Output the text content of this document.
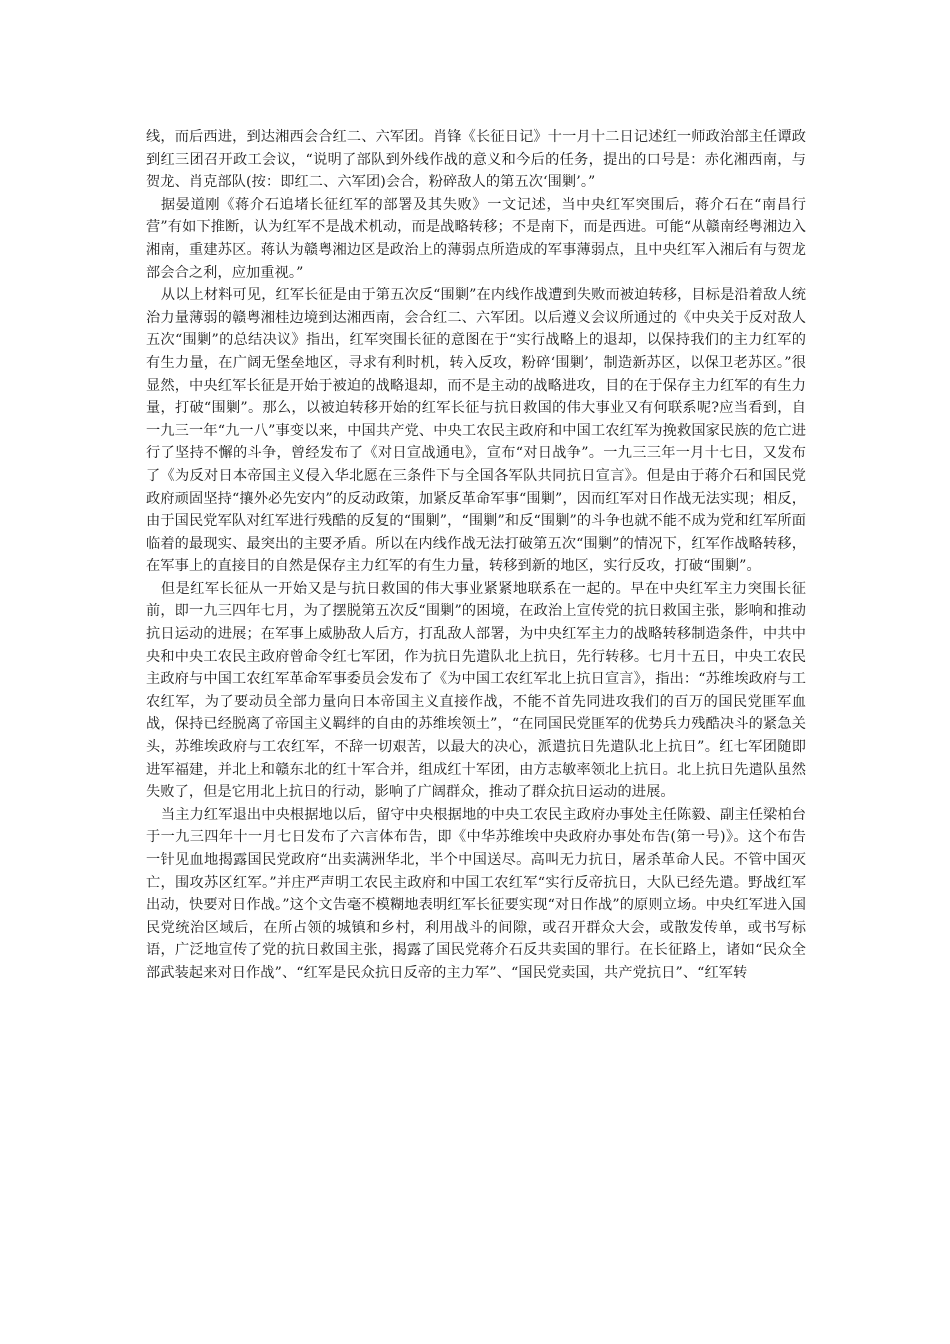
线，而后西进，到达湘西会合红二、六军团。肖锋《长征日记》十一月十二日记述红一师政治部主任谭政到红三团召开政工会议，“说明了部队到外线作战的意义和今后的任务，提出的口号是：赤化湘西南，与贺龙、肖克部队(按：即红二、六军团)会合，粉碎敌人的第五次‘围剿’。”

据晏道刚《蒋介石追堵长征红军的部署及其失败》一文记述，当中央红军突围后，蒋介石在“南昌行营”有如下推断，认为红军不是战术机动，而是战略转移；不是南下，而是西进。可能“从赣南经粤湘边入湘南，重建苏区。蒋认为赣粤湘边区是政治上的薄弱点所造成的军事薄弱点，且中央红军入湘后有与贺龙部会合之利，应加重视。”

从以上材料可见，红军长征是由于第五次反“围剿”在内线作战遭到失败而被迫转移，目标是沿着敌人统治力量薄弱的赣粤湘桂边境到达湘西南，会合红二、六军团。以后遵义会议所通过的《中央关于反对敌人五次“围剿”的总结决议》指出，红军突围长征的意图在于“实行战略上的退却，以保持我们的主力红军的有生力量，在广阔无堡垒地区，寻求有利时机，转入反攻，粉碎‘围剿’，制造新苏区，以保卫老苏区。”很显然，中央红军长征是开始于被迫的战略退却，而不是主动的战略进攻，目的在于保存主力红军的有生力量，打破“围剿”。那么，以被迫转移开始的红军长征与抗日救国的伟大事业又有何联系呢?应当看到，自一九三一年“九一八”事变以来，中国共产党、中央工农民主政府和中国工农红军为挽救国家民族的危亡进行了坚持不懈的斗争，曾经发布了《对日宣战通电》，宣布“对日战争”。一九三三年一月十七日，又发布了《为反对日本帝国主义侵入华北愿在三条件下与全国各军队共同抗日宣言》。但是由于蒋介石和国民党政府顽固坚持“攘外必先安内”的反动政策，加紧反革命军事“围剿”，因而红军对日作战无法实现；相反，由于国民党军队对红军进行残酷的反复的“围剿”，“围剿”和反“围剿”的斗争也就不能不成为党和红军所面临着的最现实、最突出的主要矛盾。所以在内线作战无法打破第五次“围剿”的情况下，红军作战略转移，在军事上的直接目的自然是保存主力红军的有生力量，转移到新的地区，实行反攻，打破“围剿”。

但是红军长征从一开始又是与抗日救国的伟大事业紧紧地联系在一起的。早在中央红军主力突围长征前，即一九三四年七月，为了摆脱第五次反“围剿”的困境，在政治上宣传党的抗日救国主张，影响和推动抗日运动的进展；在军事上威胁敌人后方，打乱敌人部署，为中央红军主力的战略转移制造条件，中共中央和中央工农民主政府曾命令红七军团，作为抗日先遣队北上抗日，先行转移。七月十五日，中央工农民主政府与中国工农红军革命军事委员会发布了《为中国工农红军北上抗日宣言》，指出：“苏维埃政府与工农红军，为了要动员全部力量向日本帝国主义直接作战，不能不首先同进攻我们的百万的国民党匪军血战，保持已经脱离了帝国主义羁绊的自由的苏维埃领土”，“在同国民党匪军的优势兵力残酷决斗的紧急关头，苏维埃政府与工农红军，不辞一切艰苦，以最大的决心，派遣抗日先遣队北上抗日”。红七军团随即进军福建，并北上和赣东北的红十军合并，组成红十军团，由方志敏率领北上抗日。北上抗日先遣队虽然失败了，但是它用北上抗日的行动，影响了广阔群众，推动了群众抗日运动的进展。

当主力红军退出中央根据地以后，留守中央根据地的中央工农民主政府办事处主任陈毅、副主任梁柏台于一九三四年十一月七日发布了六言体布告，即《中华苏维埃中央政府办事处布告(第一号)》。这个布告一针见血地揭露国民党政府“出卖满洲华北，半个中国送尽。高叫无力抗日，屠杀革命人民。不管中国灭亡，围攻苏区红军。”并庄严声明工农民主政府和中国工农红军“实行反帝抗日，大队已经先遣。野战红军出动，快要对日作战。”这个文告毫不模糊地表明红军长征要实现“对日作战”的原则立场。中央红军进入国民党统治区域后，在所占领的城镇和乡村，利用战斗的间隙，或召开群众大会，或散发传单，或书写标语，广泛地宣传了党的抗日救国主张，揭露了国民党蒋介石反共卖国的罪行。在长征路上，诸如“民众全部武装起来对日作战”、“红军是民众抗日反帝的主力军”、“国民党卖国，共产党抗日”、“红军转
